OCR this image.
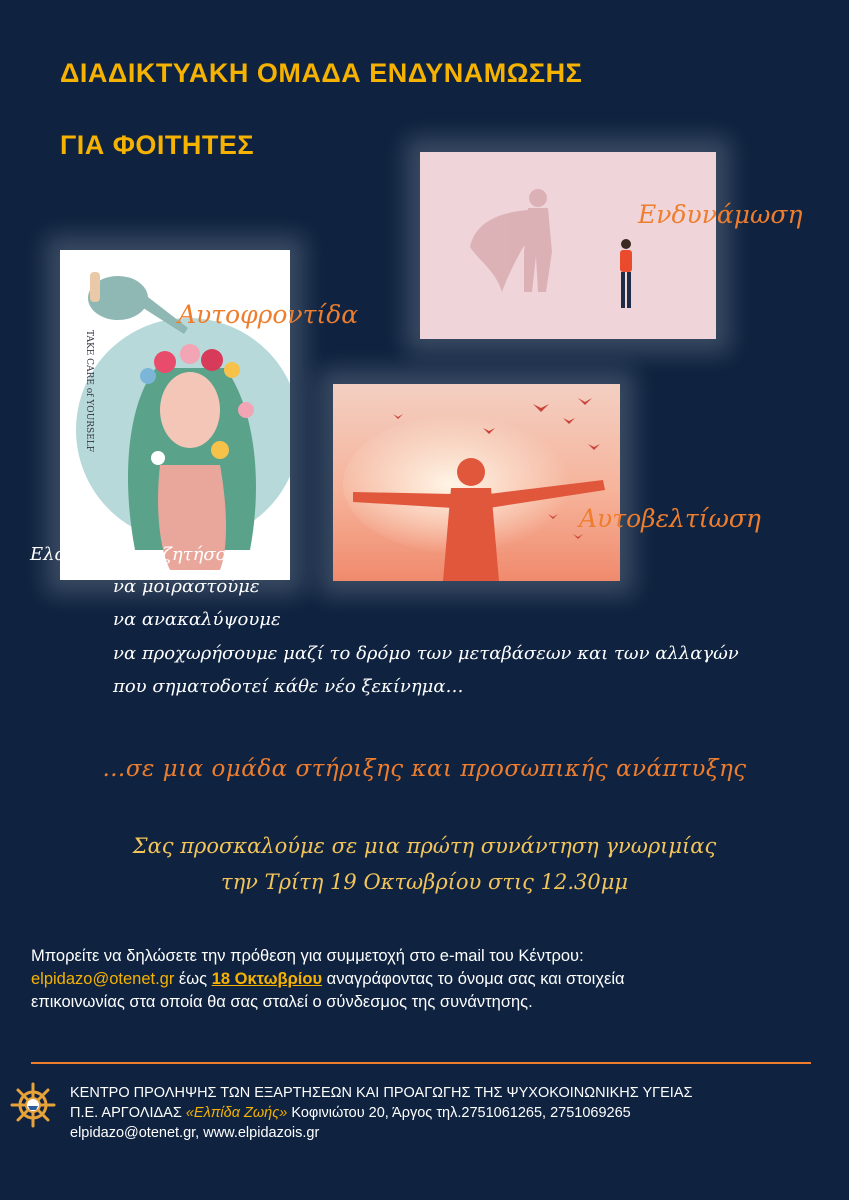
ΔΙΑΔΙΚΤΥΑΚΗ ΟΜΑΔΑ ΕΝΔΥΝΑΜΩΣΗΣ
ΓΙΑ ΦΟΙΤΗΤΕΣ
Ενδυνάμωση
Αυτοφροντίδα
Αυτοβελτίωση
Ελάτε… να συζητήσουμε
να μοιραστούμε
να ανακαλύψουμε
να προχωρήσουμε μαζί το δρόμο των μεταβάσεων και των αλλαγών
που σηματοδοτεί κάθε νέο ξεκίνημα…
…σε μια ομάδα στήριξης και προσωπικής ανάπτυξης
Σας προσκαλούμε σε μια πρώτη συνάντηση γνωριμίας
την Τρίτη 19 Οκτωβρίου στις 12.30μμ
Μπορείτε να δηλώσετε την πρόθεση για συμμετοχή στο e-mail του Κέντρου:
elpidazo@otenet.gr έως 18 Οκτωβρίου αναγράφοντας το όνομα σας και στοιχεία
επικοινωνίας στα οποία θα σας σταλεί ο σύνδεσμος της συνάντησης.
ΚΕΝΤΡΟ ΠΡΟΛΗΨΗΣ ΤΩΝ ΕΞΑΡΤΗΣΕΩΝ ΚΑΙ ΠΡΟΑΓΩΓΗΣ ΤΗΣ ΨΥΧΟΚΟΙΝΩΝΙΚΗΣ ΥΓΕΙΑΣ
Π.Ε. ΑΡΓΟΛΙΔΑΣ «Ελπίδα Ζωής» Κοφινιώτου 20, Άργος τηλ.2751061265, 2751069265
elpidazo@otenet.gr, www.elpidazois.gr
